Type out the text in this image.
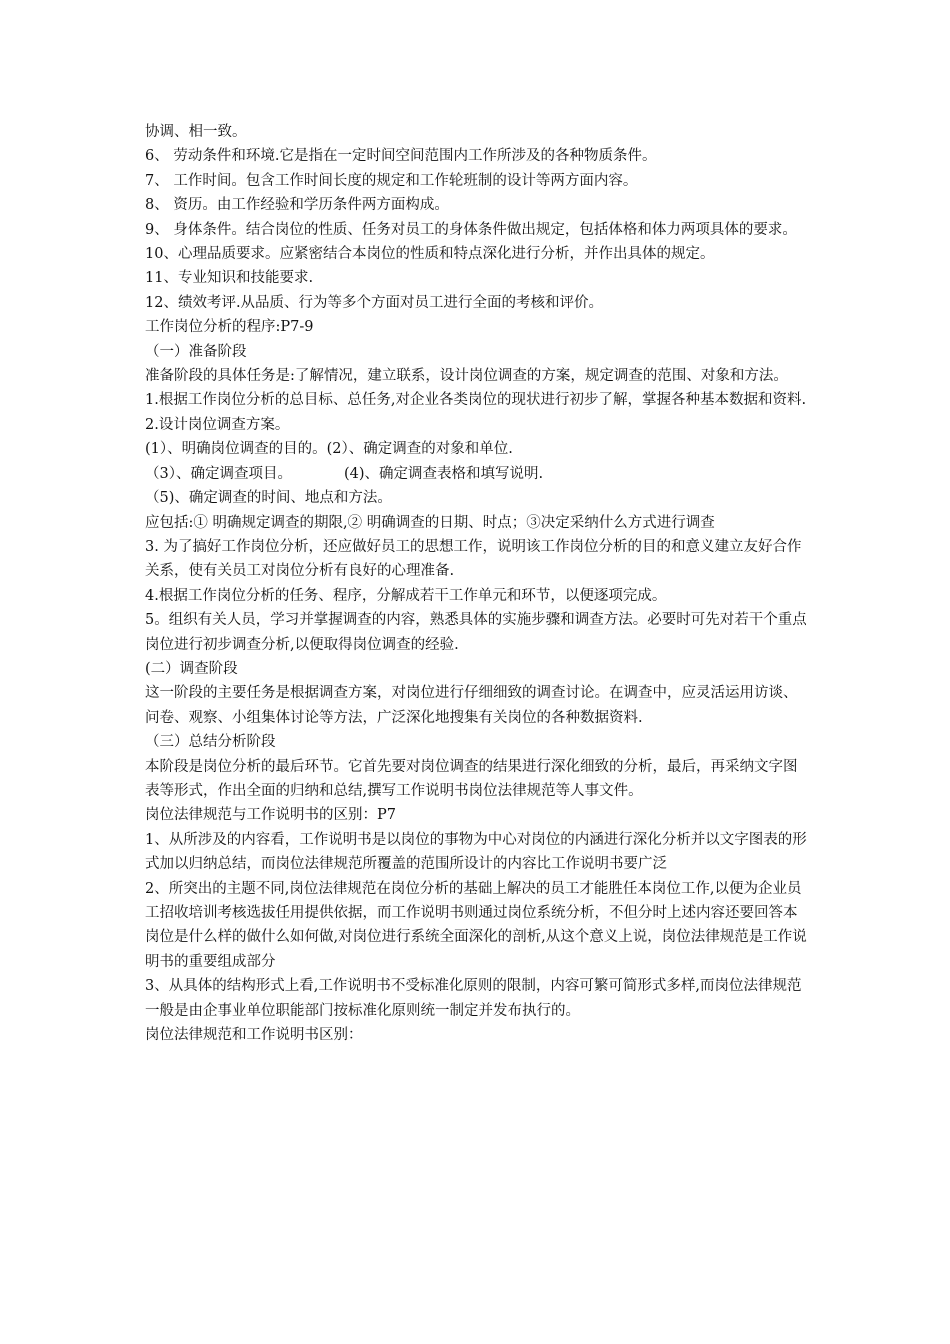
协调、相一致。

6、 劳动条件和环境.它是指在一定时间空间范围内工作所涉及的各种物质条件。

7、 工作时间。包含工作时间长度的规定和工作轮班制的设计等两方面内容。

8、 资历。由工作经验和学历条件两方面构成。

9、 身体条件。结合岗位的性质、任务对员工的身体条件做出规定，包括体格和体力两项具体的要求。

10、心理品质要求。应紧密结合本岗位的性质和特点深化进行分析，并作出具体的规定。

11、专业知识和技能要求.

12、绩效考评.从品质、行为等多个方面对员工进行全面的考核和评价。

工作岗位分析的程序:P7-9

（一）准备阶段

准备阶段的具体任务是:了解情况，建立联系，设计岗位调查的方案，规定调查的范围、对象和方法。

1.根据工作岗位分析的总目标、总任务,对企业各类岗位的现状进行初步了解，掌握各种基本数据和资料.

2.设计岗位调查方案。

(1）、明确岗位调查的目的。(2）、确定调查的对象和单位.

（3）、确定调查项目。	(4)、确定调查表格和填写说明.

（5)、确定调查的时间、地点和方法。

应包括:① 明确规定调查的期限,② 明确调查的日期、时点；③决定采纳什么方式进行调查

3. 为了搞好工作岗位分析，还应做好员工的思想工作，说明该工作岗位分析的目的和意义建立友好合作关系，使有关员工对岗位分析有良好的心理准备.

4.根据工作岗位分析的任务、程序，分解成若干工作单元和环节，以便逐项完成。

5。组织有关人员，学习并掌握调查的内容，熟悉具体的实施步骤和调查方法。必要时可先对若干个重点岗位进行初步调查分析,以便取得岗位调查的经验.

(二）调查阶段

这一阶段的主要任务是根据调查方案，对岗位进行仔细细致的调查讨论。在调查中，应灵活运用访谈、问卷、观察、小组集体讨论等方法，广泛深化地搜集有关岗位的各种数据资料.

（三）总结分析阶段

本阶段是岗位分析的最后环节。它首先要对岗位调查的结果进行深化细致的分析，最后，再采纳文字图表等形式，作出全面的归纳和总结,撰写工作说明书岗位法律规范等人事文件。

岗位法律规范与工作说明书的区别：P7

1、从所涉及的内容看，工作说明书是以岗位的事物为中心对岗位的内涵进行深化分析并以文字图表的形式加以归纳总结，而岗位法律规范所覆盖的范围所设计的内容比工作说明书要广泛

2、所突出的主题不同,岗位法律规范在岗位分析的基础上解决的员工才能胜任本岗位工作,以便为企业员工招收培训考核选拔任用提供依据，而工作说明书则通过岗位系统分析，不但分时上述内容还要回答本岗位是什么样的做什么如何做,对岗位进行系统全面深化的剖析,从这个意义上说，岗位法律规范是工作说明书的重要组成部分

3、从具体的结构形式上看,工作说明书不受标准化原则的限制，内容可繁可简形式多样,而岗位法律规范一般是由企事业单位职能部门按标准化原则统一制定并发布执行的。

岗位法律规范和工作说明书区别：
